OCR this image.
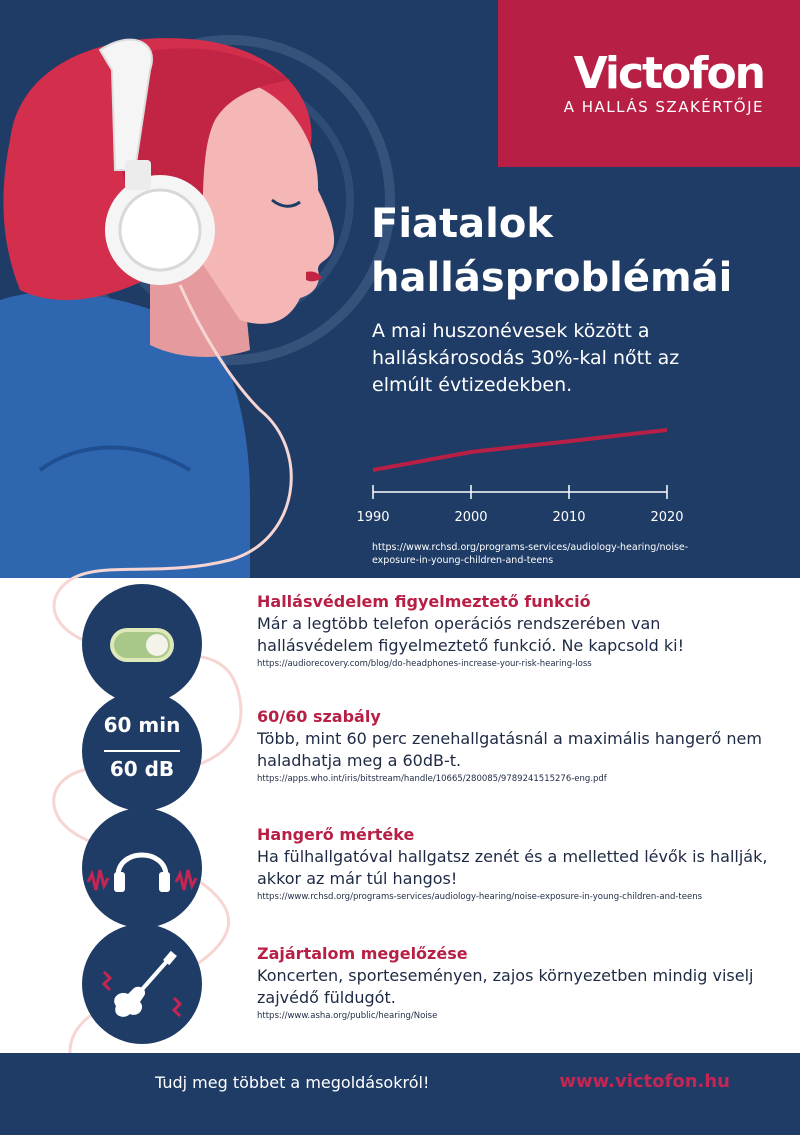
Victofon
A HALLÁS SZAKÉRTŐJE
Fiatalok
hallásproblémái
A mai huszonévesek között a halláskárosodás 30%-kal nőtt az elmúlt évtizedekben.
1990	2000	2010	2020
https://www.rchsd.org/programs-services/audiology-hearing/noise-exposure-in-young-children-and-teens
Hallásvédelem figyelmeztető funkció

Már a legtöbb telefon operációs rendszerében van hallásvédelem figyelmeztető funkció. Ne kapcsold ki!

https://audiorecovery.com/blog/do-headphones-increase-your-risk-hearing-loss
60 min
60 dB
60/60 szabály

Több, mint 60 perc zenehallgatásnál a maximális hangerő nem haladhatja meg a 60dB-t.

https://apps.who.int/iris/bitstream/handle/10665/280085/9789241515276-eng.pdf
Hangerő mértéke

Ha fülhallgatóval hallgatsz zenét és a melletted lévők is hallják, akkor az már túl hangos!

https://www.rchsd.org/programs-services/audiology-hearing/noise-exposure-in-young-children-and-teens
Zajártalom megelőzése

Koncerten, sporteseményen, zajos környezetben mindig viselj zajvédő füldugót.

https://www.asha.org/public/hearing/Noise
Tudj meg többet a megoldásokról!	www.victofon.hu
